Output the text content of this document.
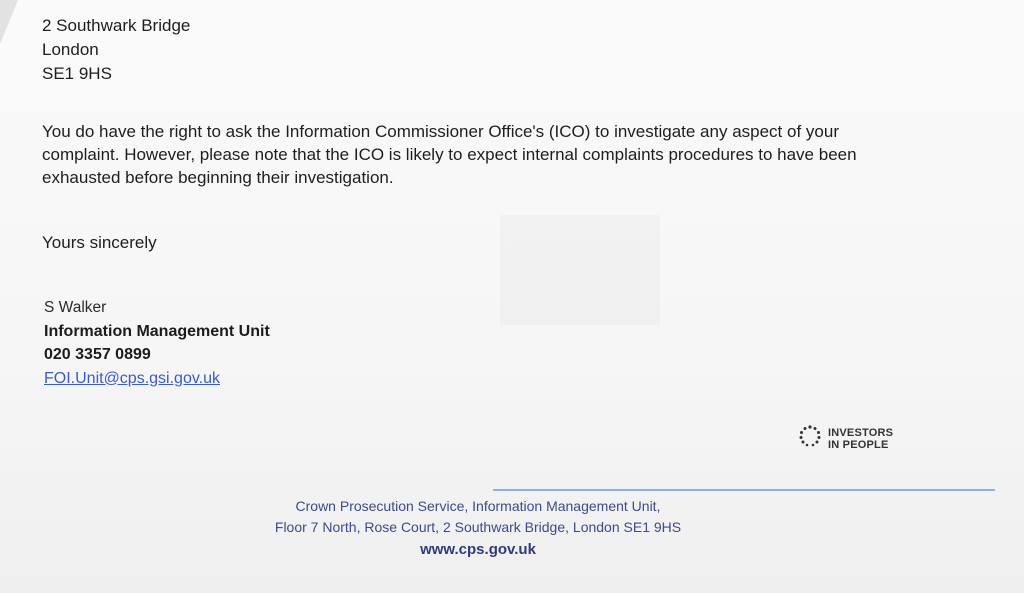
2 Southwark Bridge
London
SE1 9HS
You do have the right to ask the Information Commissioner Office's (ICO) to investigate any aspect of your complaint. However, please note that the ICO is likely to expect internal complaints procedures to have been exhausted before beginning their investigation.
Yours sincerely
S Walker
Information Management Unit
020 3357 0899
FOI.Unit@cps.gsi.gov.uk
INVESTORS
IN PEOPLE
Crown Prosecution Service, Information Management Unit,
Floor 7 North, Rose Court, 2 Southwark Bridge, London SE1 9HS
www.cps.gov.uk
